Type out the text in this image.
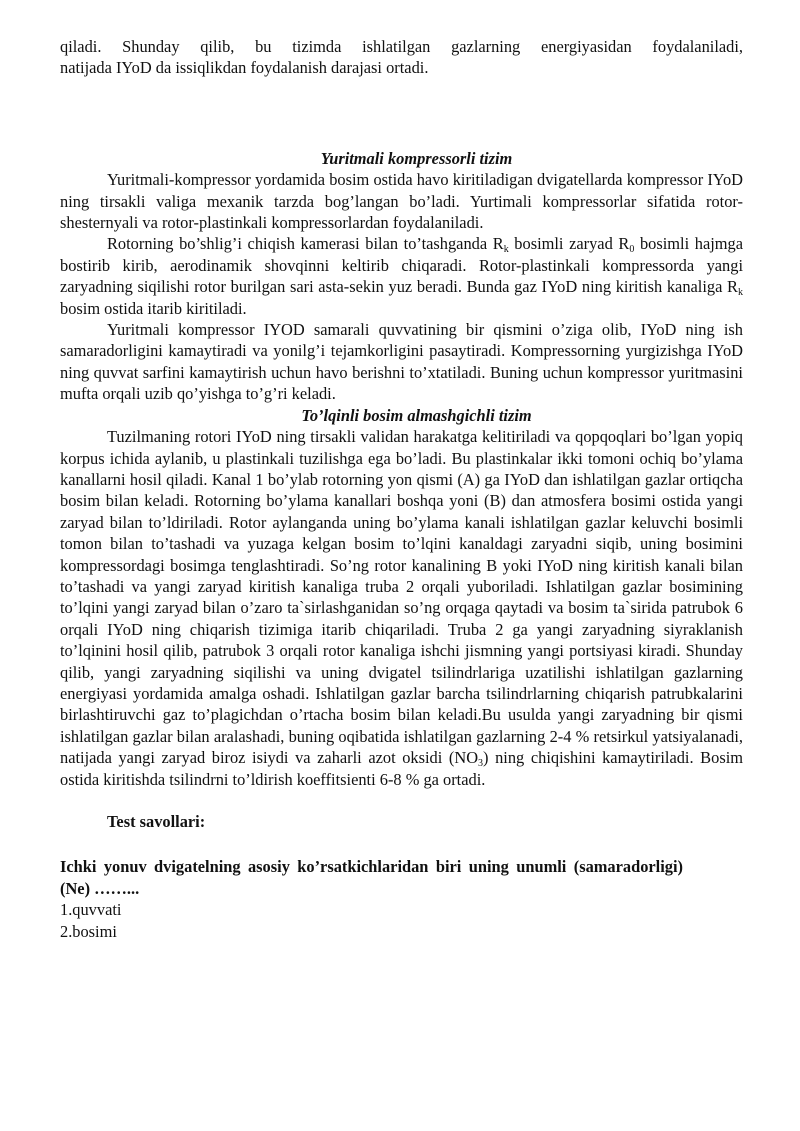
qiladi. Shunday qilib, bu tizimda ishlatilgan gazlarning energiyasidan foydalaniladi,

natijada IYoD da issiqlikdan foydalanish darajasi ortadi.

Yuritmali kompressorli tizim

Yuritmali-kompressor yordamida bosim ostida havo kiritiladigan dvigatellarda kompressor IYoD ning tirsakli valiga mexanik tarzda bog’langan bo’ladi. Yurtimali kompressorlar sifatida rotor-shesternyali va rotor-plastinkali kompressorlardan foydalaniladi.

Rotorning bo’shlig’i chiqish kamerasi bilan to’tashganda $R_k$ bosimli zaryad $R_0$ bosimli hajmga bostirib kirib, aerodinamik shovqinni keltirib chiqaradi. Rotor-plastinkali kompressorda yangi zaryadning siqilishi rotor burilgan sari asta-sekin yuz beradi. Bunda gaz IYoD ning kiritish kanaliga $R_k$ bosim ostida itarib kiritiladi.

Yuritmali kompressor IYOD samarali quvvatining bir qismini o’ziga olib, IYoD ning ish samaradorligini kamaytiradi va yonilg’i tejamkorligini pasaytiradi. Kompressorning yurgizishga IYoD ning quvvat sarfini kamaytirish uchun havo berishni to’xtatiladi. Buning uchun kompressor yuritmasini mufta orqali uzib qo’yishga to’g’ri keladi.

To’lqinli bosim almashgichli tizim

Tuzilmaning rotori IYoD ning tirsakli validan harakatga kelitiriladi va qopqoqlari bo’lgan yopiq korpus ichida aylanib, u plastinkali tuzilishga ega bo’ladi. Bu plastinkalar ikki tomoni ochiq bo’ylama kanallarni hosil qiladi. Kanal 1 bo’ylab rotorning yon qismi (A) ga IYoD dan ishlatilgan gazlar ortiqcha bosim bilan keladi. Rotorning bo’ylama kanallari boshqa yoni (B) dan atmosfera bosimi ostida yangi zaryad bilan to’ldiriladi. Rotor aylanganda uning bo’ylama kanali ishlatilgan gazlar keluvchi bosimli tomon bilan to’tashadi va yuzaga kelgan bosim to’lqini kanaldagi zaryadni siqib, uning bosimini kompressordagi bosimga tenglashtiradi. So’ng rotor kanalining B yoki IYoD ning kiritish kanali bilan to’tashadi va yangi zaryad kiritish kanaliga truba 2 orqali yuboriladi. Ishlatilgan gazlar bosimining to’lqini yangi zaryad bilan o’zaro ta`sirlashganidan so’ng orqaga qaytadi va bosim ta`sirida patrubok 6 orqali IYoD ning chiqarish tizimiga itarib chiqariladi. Truba 2 ga yangi zaryadning siyraklanish to’lqinini hosil qilib, patrubok 3 orqali rotor kanaliga ishchi jismning yangi portsiyasi kiradi. Shunday qilib, yangi zaryadning siqilishi va uning dvigatel tsilindrlariga uzatilishi ishlatilgan gazlarning energiyasi yordamida amalga oshadi. Ishlatilgan gazlar barcha tsilindrlarning chiqarish patrubkalarini birlashtiruvchi gaz to’plagichdan o’rtacha bosim bilan keladi.Bu usulda yangi zaryadning bir qismi ishlatilgan gazlar bilan aralashadi, buning oqibatida ishlatilgan gazlarning 2-4 % retsirkul yatsiyalanadi, natijada yangi zaryad biroz isiydi va zaharli azot oksidi $(NO_3)$ ning chiqishini kamaytiriladi. Bosim ostida kiritishda tsilindrni to’ldirish koeffitsienti 6-8 % ga ortadi.

Test savollari:

Ichki yonuv dvigatelning asosiy ko’rsatkichlaridan biri uning unumli (samaradorligi) (Ne) ……...

1.quvvati

2.bosimi
